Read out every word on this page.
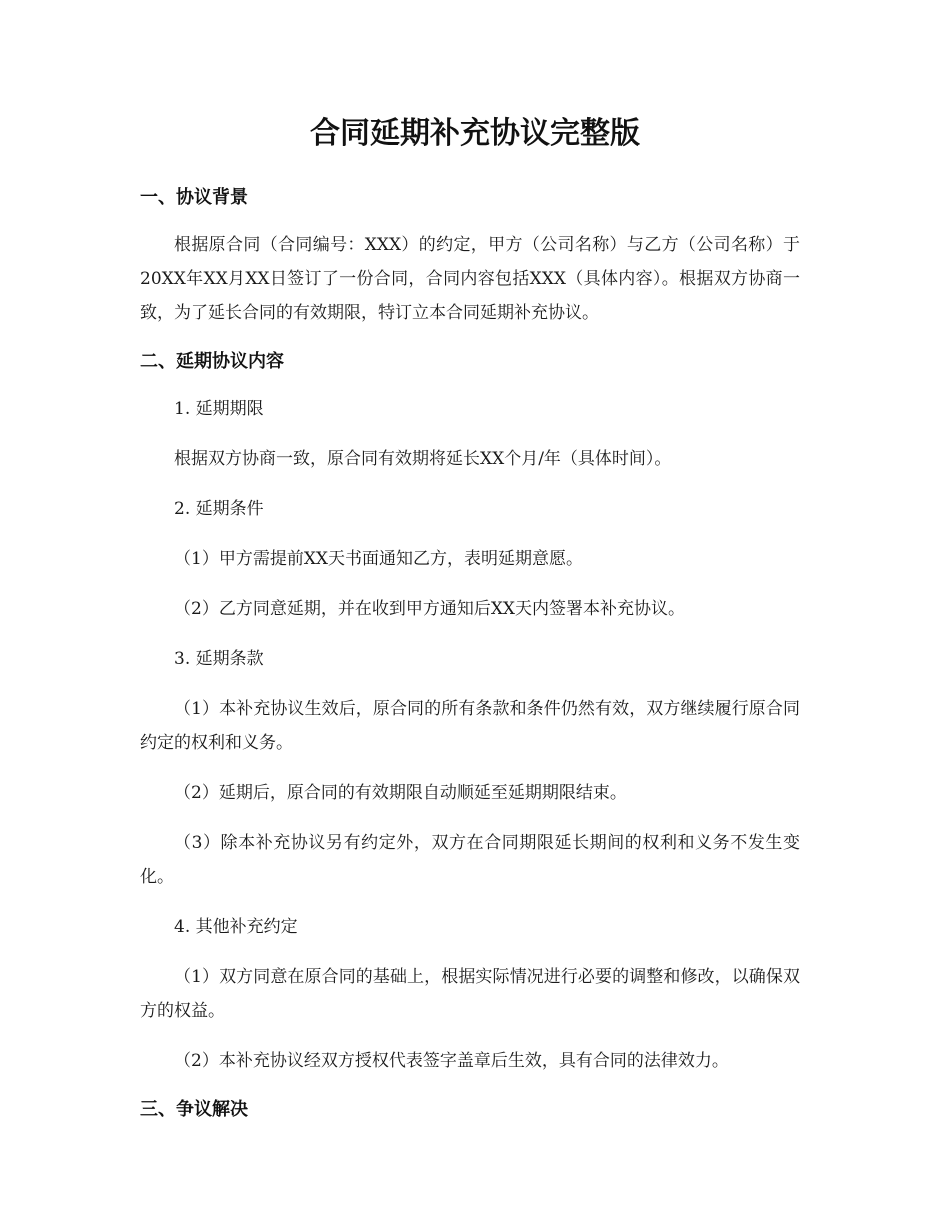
合同延期补充协议完整版
一、协议背景

根据原合同（合同编号：XXX）的约定，甲方（公司名称）与乙方（公司名称）于20XX年XX月XX日签订了一份合同，合同内容包括XXX（具体内容）。根据双方协商一致，为了延长合同的有效期限，特订立本合同延期补充协议。

二、延期协议内容

1. 延期期限

根据双方协商一致，原合同有效期将延长XX个月/年（具体时间）。

2. 延期条件

（1）甲方需提前XX天书面通知乙方，表明延期意愿。

（2）乙方同意延期，并在收到甲方通知后XX天内签署本补充协议。

3. 延期条款

（1）本补充协议生效后，原合同的所有条款和条件仍然有效，双方继续履行原合同约定的权利和义务。

（2）延期后，原合同的有效期限自动顺延至延期期限结束。

（3）除本补充协议另有约定外，双方在合同期限延长期间的权利和义务不发生变化。

4. 其他补充约定

（1）双方同意在原合同的基础上，根据实际情况进行必要的调整和修改，以确保双方的权益。

（2）本补充协议经双方授权代表签字盖章后生效，具有合同的法律效力。

三、争议解决
